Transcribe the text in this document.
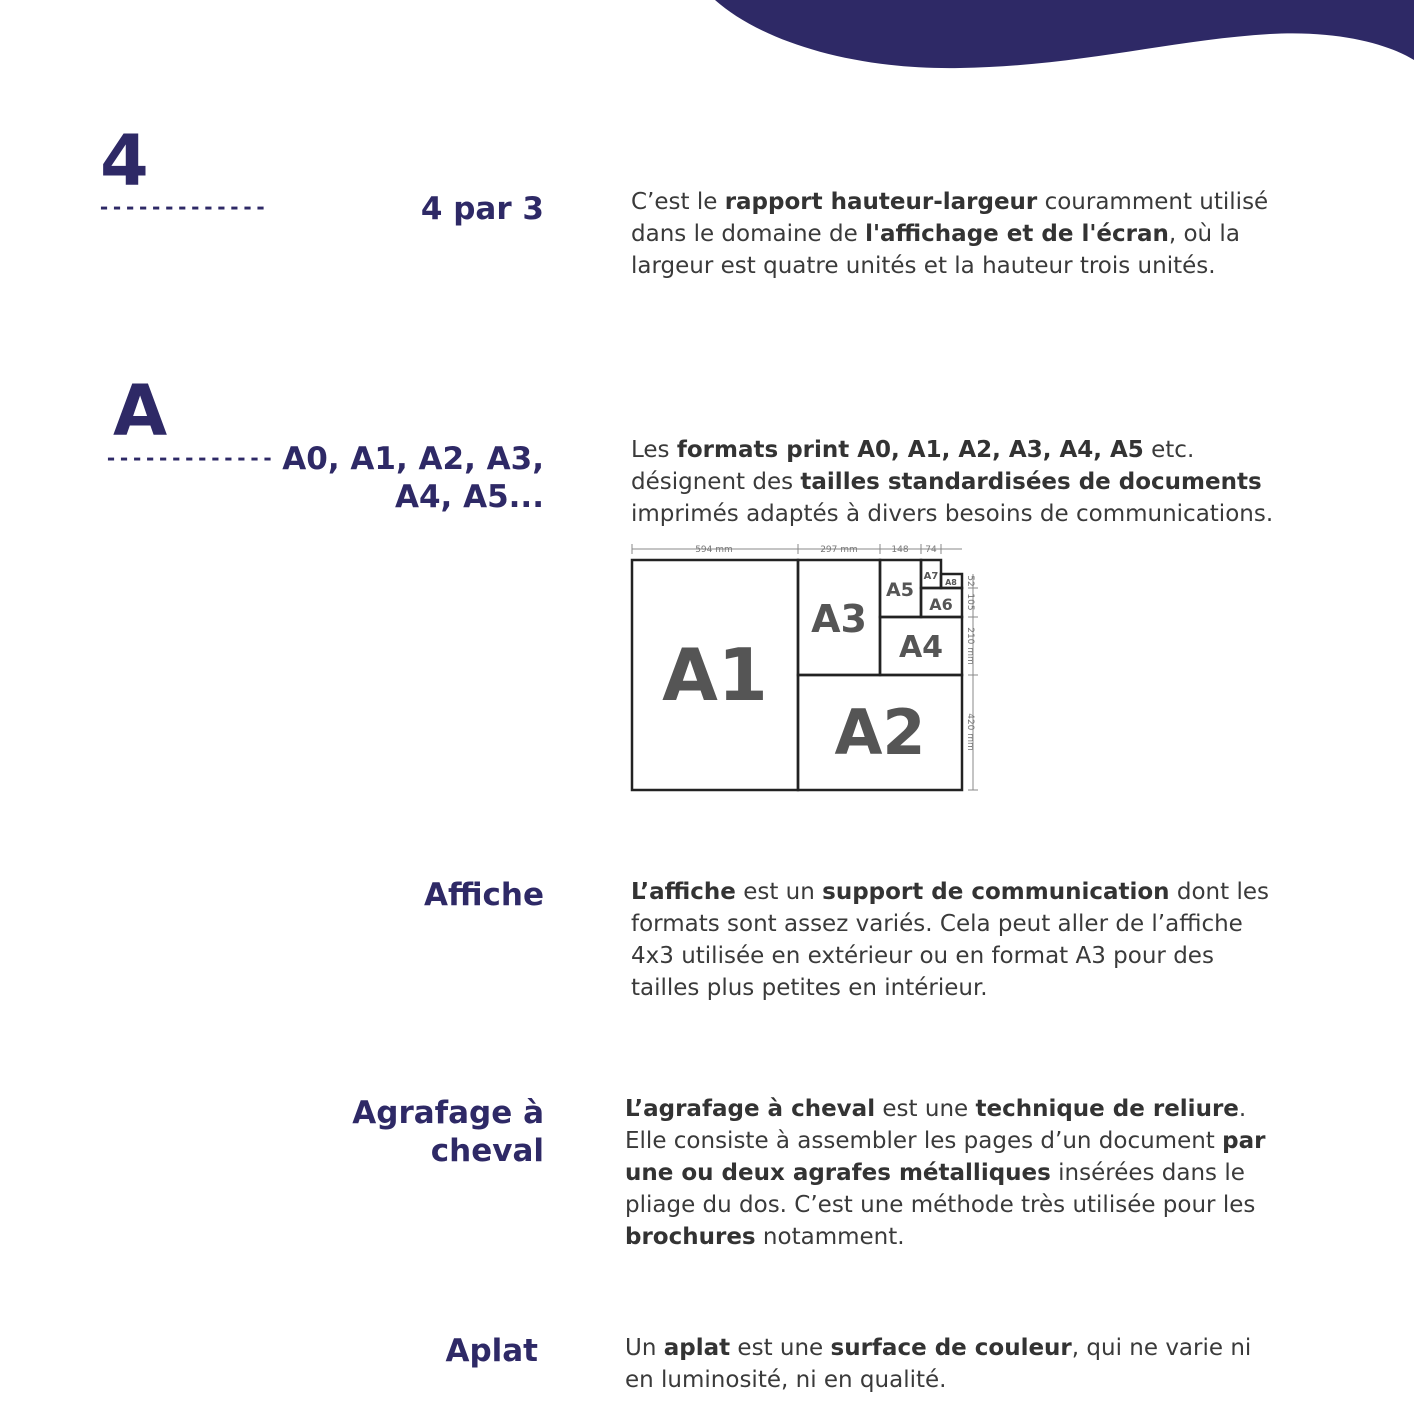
4
-------------	4 par 3	C’est le rapport hauteur-largeur couramment utilisé dans le domaine de l'affichage et de l'écran, où la largeur est quatre unités et la hauteur trois unités.
A
------------- A0, A1, A2, A3,
A4, A5...
Les formats print A0, A1, A2, A3, A4, A5 etc. désignent des tailles standardisées de documents imprimés adaptés à divers besoins de communications.
594 mm	297 mm	148 74
52
105
210 mm
420 mm
A1
A2
A3
A4
A5
A6
A7
A8
Affiche	L’affiche est un support de communication dont les formats sont assez variés. Cela peut aller de l’affiche 4x3 utilisée en extérieur ou en format A3 pour des tailles plus petites en intérieur.
Agrafage à
cheval
L’agrafage à cheval est une technique de reliure. Elle consiste à assembler les pages d’un document par une ou deux agrafes métalliques insérées dans le pliage du dos. C’est une méthode très utilisée pour les brochures notamment.
Aplat	Un aplat est une surface de couleur, qui ne varie ni en luminosité, ni en qualité.
